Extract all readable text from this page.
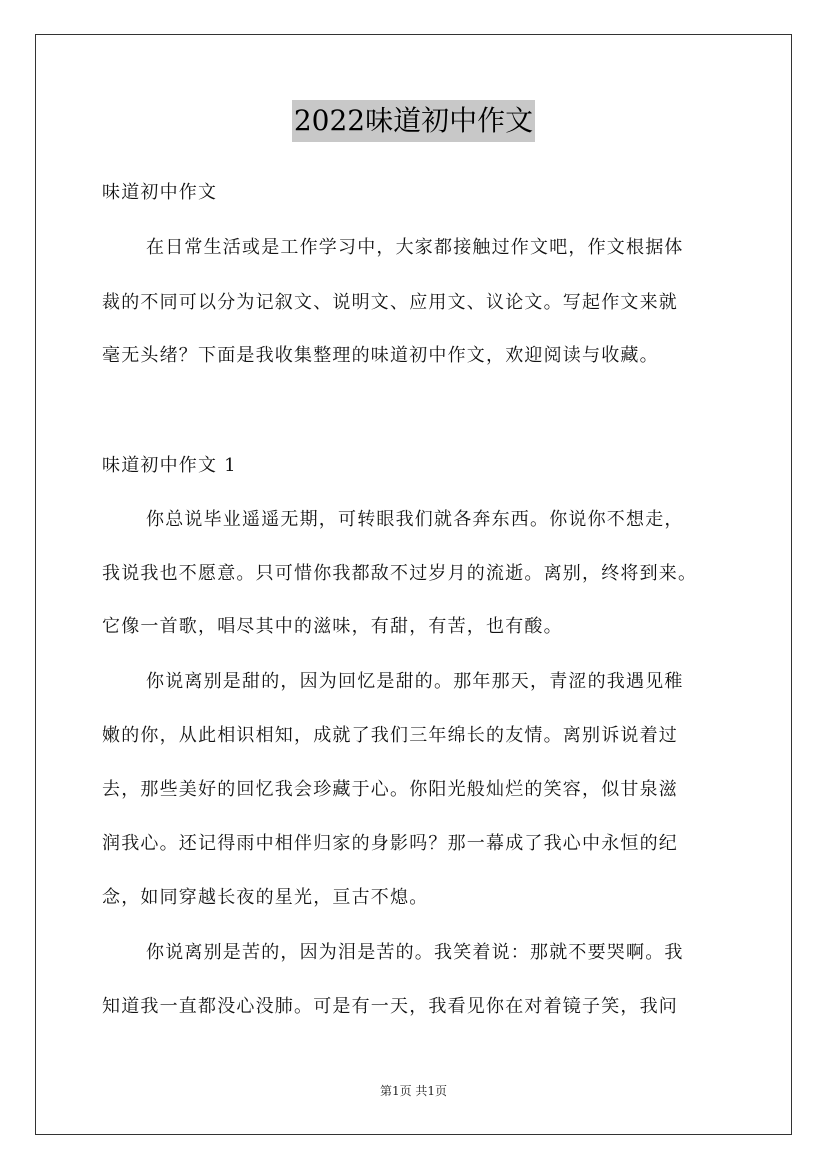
2022味道初中作文
味道初中作文
在日常生活或是工作学习中，大家都接触过作文吧，作文根据体
裁的不同可以分为记叙文、说明文、应用文、议论文。写起作文来就
毫无头绪？下面是我收集整理的味道初中作文，欢迎阅读与收藏。
味道初中作文 1
你总说毕业遥遥无期，可转眼我们就各奔东西。你说你不想走，
我说我也不愿意。只可惜你我都敌不过岁月的流逝。离别，终将到来。
它像一首歌，唱尽其中的滋味，有甜，有苦，也有酸。
你说离别是甜的，因为回忆是甜的。那年那天，青涩的我遇见稚
嫩的你，从此相识相知，成就了我们三年绵长的友情。离别诉说着过
去，那些美好的回忆我会珍藏于心。你阳光般灿烂的笑容，似甘泉滋
润我心。还记得雨中相伴归家的身影吗？那一幕成了我心中永恒的纪
念，如同穿越长夜的星光，亘古不熄。
你说离别是苦的，因为泪是苦的。我笑着说：那就不要哭啊。我
知道我一直都没心没肺。可是有一天，我看见你在对着镜子笑，我问
第1页 共1页
